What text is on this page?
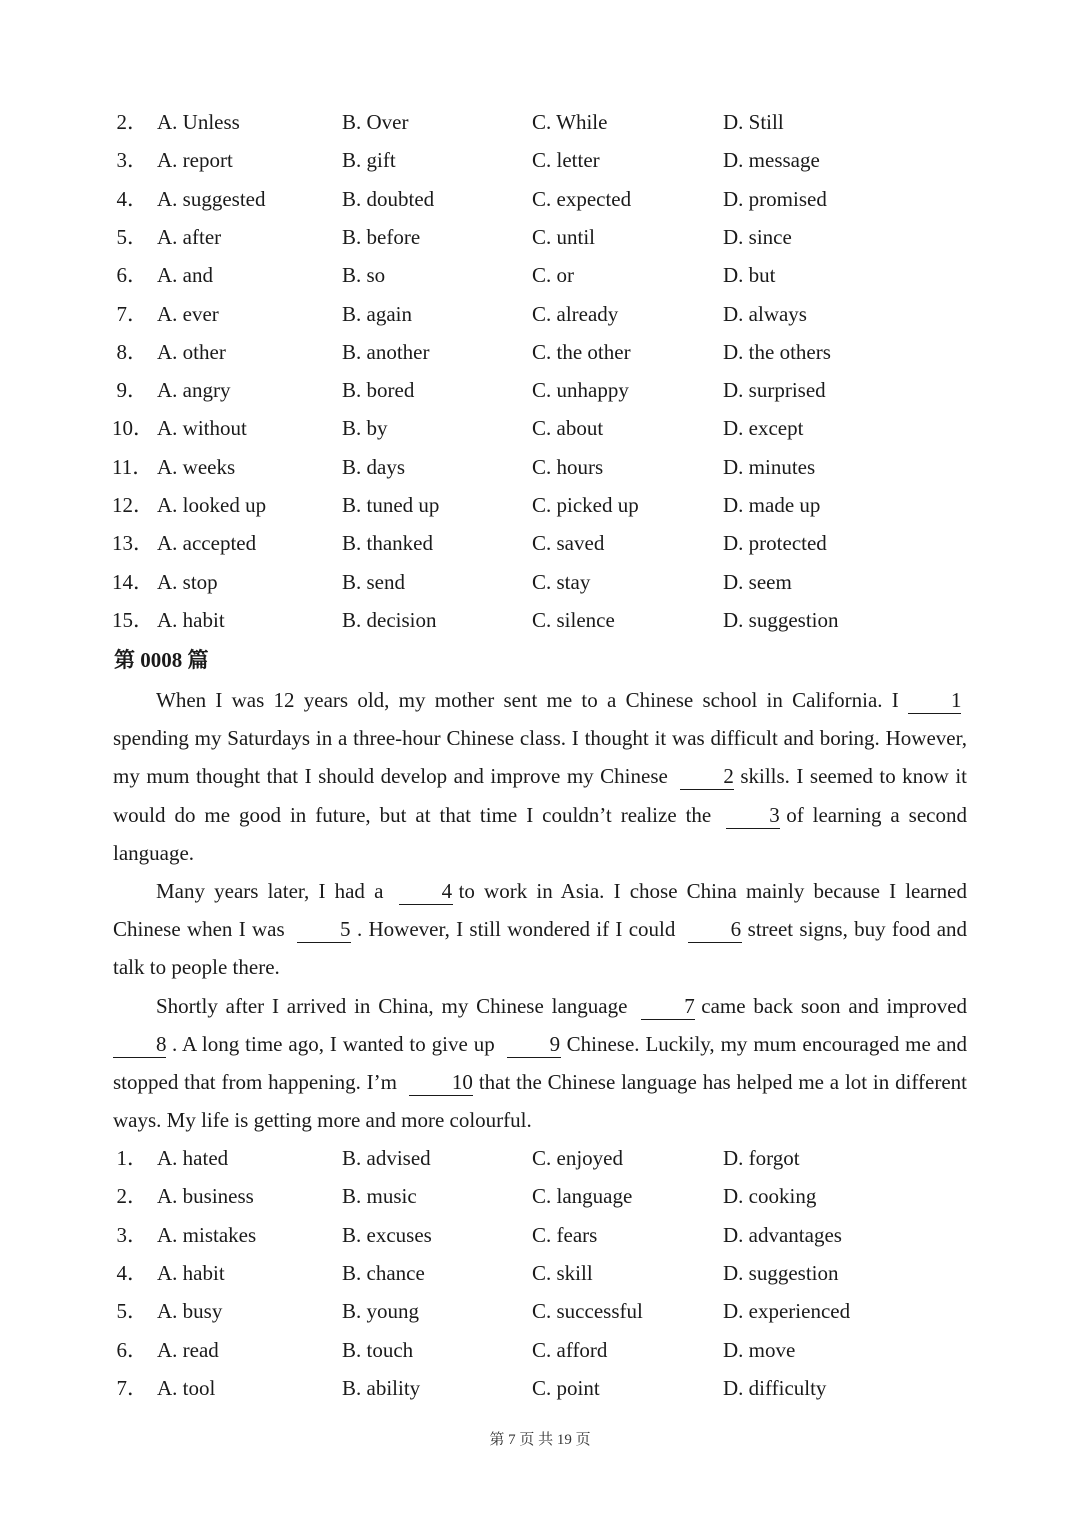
2． A. Unless	B. Over	C. While	D. Still
3． A. report	B. gift	C. letter	D. message
4． A. suggested	B. doubted	C. expected	D. promised
5． A. after	B. before	C. until	D. since
6． A. and	B. so	C. or	D. but
7． A. ever	B. again	C. already	D. always
8． A. other	B. another	C. the other	D. the others
9． A. angry	B. bored	C. unhappy	D. surprised
10． A. without	B. by	C. about	D. except
11． A. weeks	B. days	C. hours	D. minutes
12． A. looked up	B. tuned up	C. picked up	D. made up
13． A. accepted	B. thanked	C. saved	D. protected
14． A. stop	B. send	C. stay	D. seem
15． A. habit	B. decision	C. silence	D. suggestion
第 0008 篇

When I was 12 years old, my mother sent me to a Chinese school in California. I 1spending my Saturdays in a three-hour Chinese class. I thought it was difficult and boring. However, my mum thought that I should develop and improve my Chinese	2 skills. I seemed to know it would do me good in future, but at that time I couldn’t realize the	3 of learning a second language.

Many years later, I had a	4 to work in Asia. I chose China mainly because I learned Chinese when I was	5 . However, I still wondered if I could	6 street signs, buy food and talk to people there.

Shortly after I arrived in China, my Chinese language	7 came back soon and improved 8 . A long time ago, I wanted to give up	9 Chinese. Luckily, my mum encouraged me and stopped that from happening. I’m	10 that the Chinese language has helped me a lot in different ways. My life is getting more and more colourful.

1． A. hated	B. advised	C. enjoyed	D. forgot
2． A. business	B. music	C. language	D. cooking
3． A. mistakes	B. excuses	C. fears	D. advantages
4． A. habit	B. chance	C. skill	D. suggestion
5． A. busy	B. young	C. successful	D. experienced
6． A. read	B. touch	C. afford	D. move
7． A. tool	B. ability	C. point	D. difficulty
第 7 页 共 19 页
